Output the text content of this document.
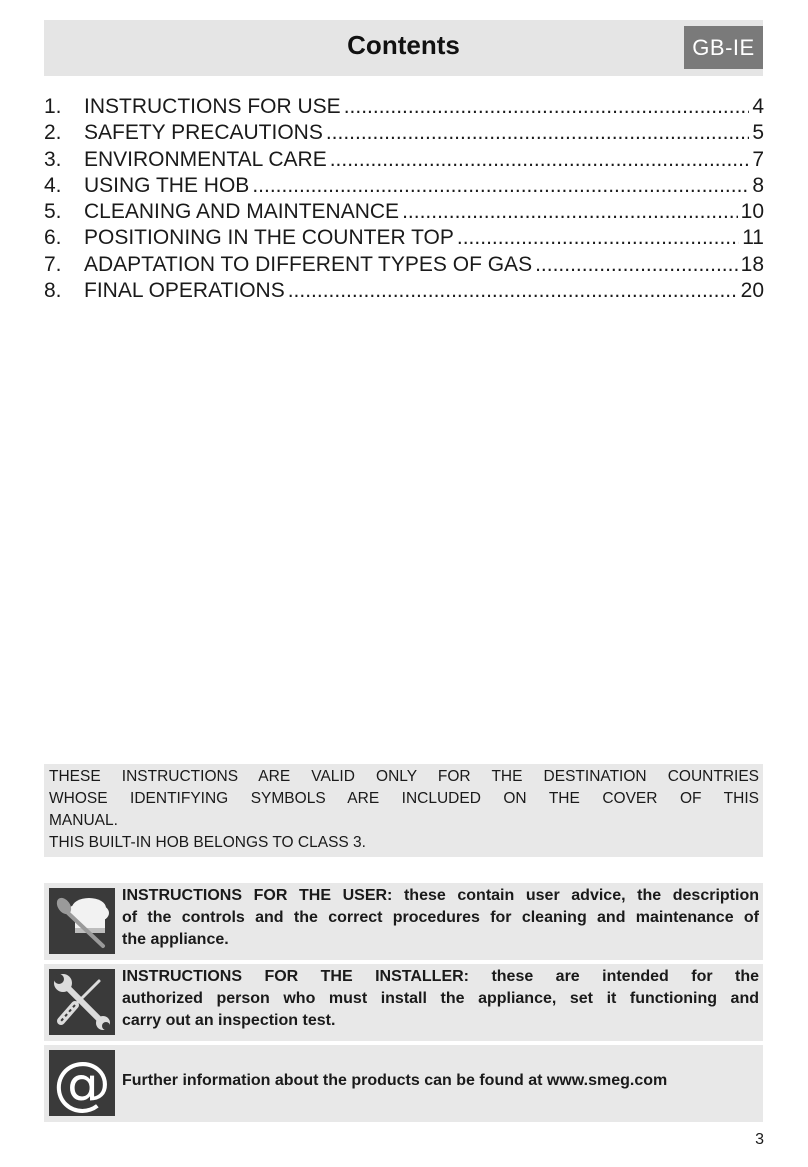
Contents	GB-IE
1.	INSTRUCTIONS FOR USE .....	4
2.	SAFETY PRECAUTIONS .....	5
3.	ENVIRONMENTAL CARE .....	7
4.	USING THE HOB .....	8
5.	CLEANING AND MAINTENANCE .....	10
6.	POSITIONING IN THE COUNTER TOP .....	11
7.	ADAPTATION TO DIFFERENT TYPES OF GAS .....	18
8.	FINAL OPERATIONS .....	20
THESE INSTRUCTIONS ARE VALID ONLY FOR THE DESTINATION COUNTRIES
WHOSE IDENTIFYING SYMBOLS ARE INCLUDED ON THE COVER OF THIS
MANUAL.
THIS BUILT-IN HOB BELONGS TO CLASS 3.
INSTRUCTIONS FOR THE USER: these contain user advice, the description
of the controls and the correct procedures for cleaning and maintenance of
the appliance.
INSTRUCTIONS FOR THE INSTALLER: these are intended for the
authorized person who must install the appliance, set it functioning and
carry out an inspection test.
@ Further information about the products can be found at www.smeg.com
3
